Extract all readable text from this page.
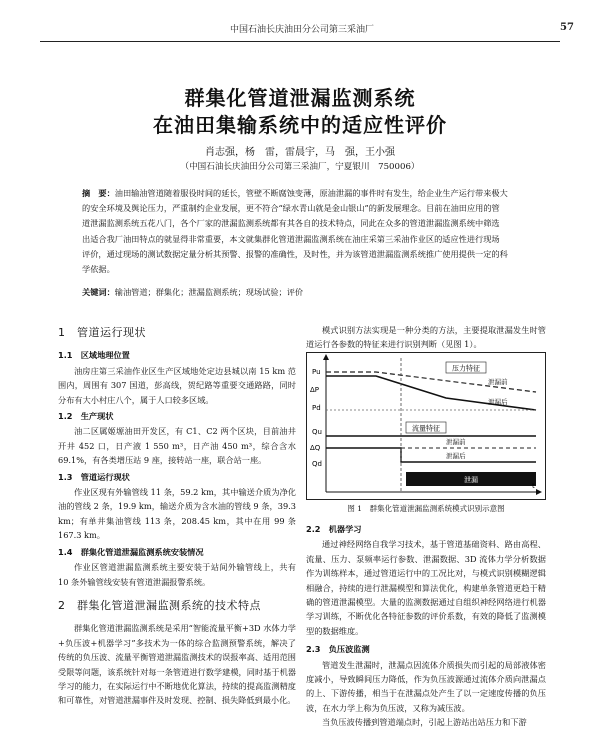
中国石油长庆油田分公司第三采油厂	57
群集化管道泄漏监测系统
在油田集输系统中的适应性评价
肖志强，杨　雷，雷晨宇，马　强，王小强
（中国石油长庆油田分公司第三采油厂，宁夏银川　750006）
摘　要：油田输油管道随着服役时间的延长，管壁不断腐蚀变薄，原油泄漏的事件时有发生，给企业生产运行带来极大
的安全环境及舆论压力，严重制约企业发展，更不符合“绿水青山就是金山银山”的新发展理念。目前在油田应用的管
道泄漏监测系统五花八门，各个厂家的泄漏监测系统都有其各自的技术特点，同此在众多的管道泄漏监测系统中筛选
出适合我厂油田特点的就显得非常重要，本文就集群化管道泄漏监测系统在油庄采第三采油作业区的适应性进行现场
评价，通过现场的测试数据定量分析其预警、报警的准确性，及时性，并为该管道泄漏监测系统推广使用提供一定的科
学依据。
关键词：输油管道；群集化；泄漏监测系统；现场试验；评价
1　管道运行现状
1.1　区域地理位置

油房庄第三采油作业区生产区域地处定边县城以南 15 km 范围内，周围有 307 国道，彭高线，贺纪路等重要交通路路，同时分布有大小村庄八个，属于人口较多区域。

1.2　生产现状

油二区属姬塬油田开发区，有 C1、C2 两个区块，目前油井开井 452 口，日产液 1 550 m³，日产油 450 m³，综合含水 69.1%，有各类增压站 9 座，接转站一座，联合站一座。

1.3　管道运行现状

作业区现有外输管线 11 条，59.2 km，其中输送介质为净化油的管线 2 条，19.9 km，输送介质为含水油的管线 9 条，39.3 km；有单井集油管线 113 条，208.45 km，其中在用 99 条 167.3 km。

1.4　群集化管道泄漏监测系统安装情况

作业区管道泄漏监测系统主要安装于站间外输管线上，共有 10 条外输管线安装有管道泄漏报警系统。

2　群集化管道泄漏监测系统的技术特点

群集化管道泄漏监测系统是采用“智能流量平衡+3D 水体力学+负压波+机器学习”多技术为一体的综合监测预警系统，解决了传统的负压波、流量平衡管道泄漏监测技术的误报率高、适用范围受限等问题，该系统针对每一条管道进行数学建模，同时基于机器学习的能力，在实际运行中不断地优化算法，持续的提高监测精度和可靠性，对管道泄漏事件及时发现、控制、损失降低到最小化。

模式识别方法实现是一种分类的方法，主要提取泄漏发生时管道运行各参数的特征来进行识别判断（见图 1）。

Pu
ΔP
Pd
Qu
ΔQ
Qd
压力特征
泄漏前
泄漏后
流量特征
泄漏前
泄漏后
泄漏
t
图 1　群集化管道泄漏监测系统模式识别示意图
2.2　机器学习

通过神经网络自我学习技术，基于管道基础资料、路由高程、流量、压力、泵频率运行参数、泄漏数据、3D 流体力学分析数据作为训练样本，通过管道运行中的工况比对，与模式识别模糊逻辑相融合，持续的进行泄漏模型和算法优化，构建单条管道更趋于精确的管道泄漏模型。大量的监测数据通过自组织神经网络进行机器学习训练，不断优化各特征参数的评价系数，有效的降低了监测模型的数据维度。

2.3　负压波监测

管道发生泄漏时，泄漏点因流体介质损失而引起的局部液体密度减小，导致瞬间压力降低，作为负压波源通过流体介质向泄漏点的上、下游传播，相当于在泄漏点处产生了以一定速度传播的负压波，在水力学上称为负压波，又称为减压波。

当负压波传播到管道端点时，引起上游站出站压力和下游
